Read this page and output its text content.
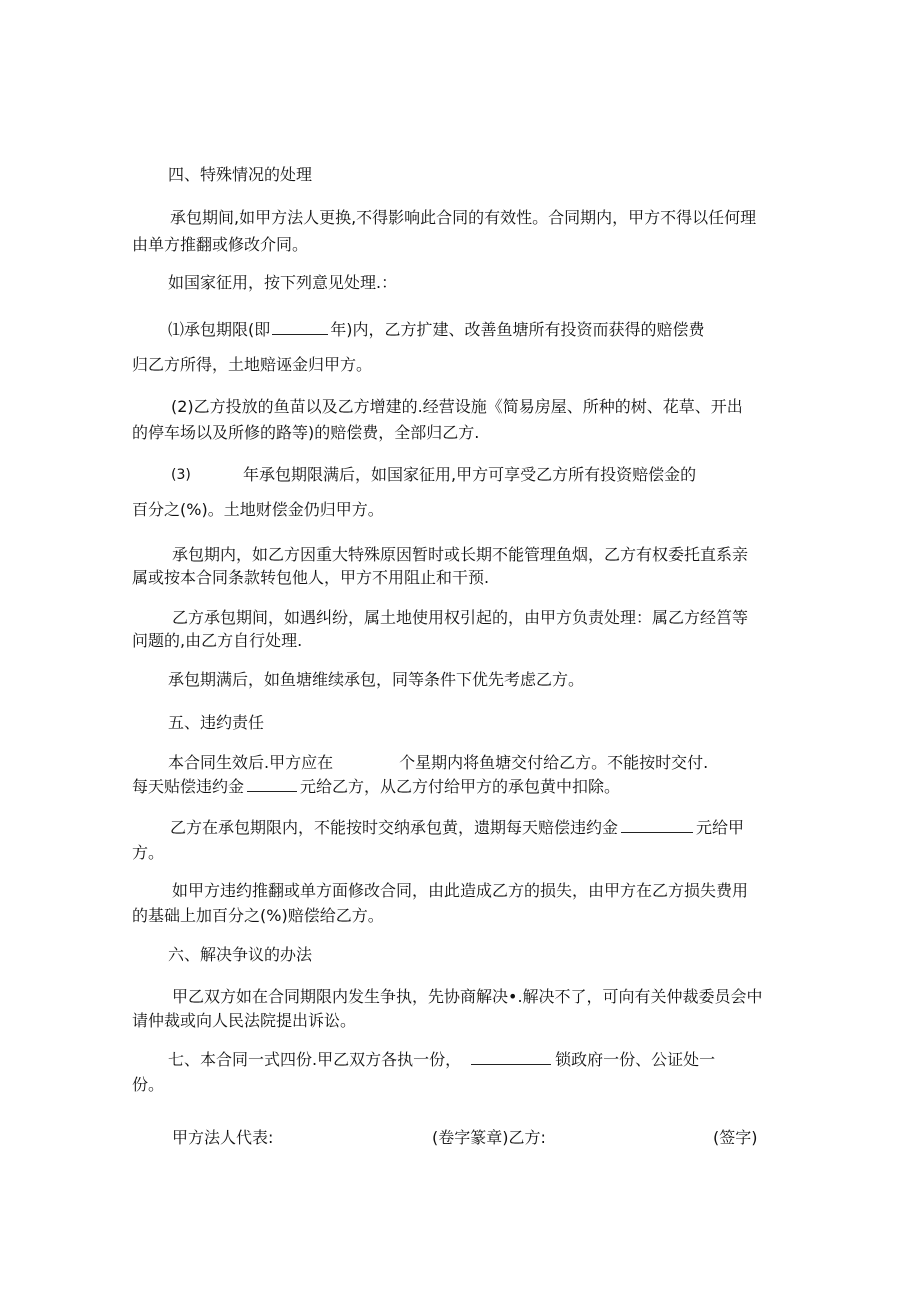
四、特殊情况的处理
承包期间,如甲方法人更换,不得影响此合同的有效性。合同期内，甲方不得以任何理
由单方推翻或修改介同。
如国家征用，按下列意见处理.：
⑴承包期限(即	年)内，乙方扩建、改善鱼塘所有投资而获得的赔偿费
归乙方所得，土地赔诬金归甲方。
(2)乙方投放的鱼苗以及乙方增建的.经营设施《简易房屋、所种的树、花草、开出
的停车场以及所修的路等)的赔偿费，全部归乙方.
(3)	年承包期限满后，如国家征用,甲方可享受乙方所有投资赔偿金的
百分之(%)。土地财偿金仍归甲方。
承包期内，如乙方因重大特殊原因暂时或长期不能管理鱼烟，乙方有权委托直系亲
属或按本合同条款转包他人，甲方不用阻止和干预.
乙方承包期间，如遇纠纷，属土地使用权引起的，由甲方负责处理：属乙方经筥等
问题的,由乙方自行处理.
承包期满后，如鱼塘维续承包，同等条件下优先考虑乙方。
五、违约责任
本合同生效后.甲方应在	个星期内将鱼塘交付给乙方。不能按时交付.
每天贴偿违约金	元给乙方，从乙方付给甲方的承包黄中扣除。
乙方在承包期限内，不能按时交纳承包黄，遗期每天赔偿违约金	元给甲
方。
如甲方违约推翻或单方面修改合同，由此造成乙方的损失，由甲方在乙方损失费用
的基础上加百分之(%)赔偿给乙方。
六、解决争议的办法
甲乙双方如在合同期限内发生争执，先协商解决•.解决不了，可向有关仲裁委员会中
请仲裁或向人民法院提出诉讼。
七、本合同一式四份.甲乙双方各执一份，	锁政府一份、公证处一
份。
甲方法人代表:	(卷字篆章)乙方:	(签字)
